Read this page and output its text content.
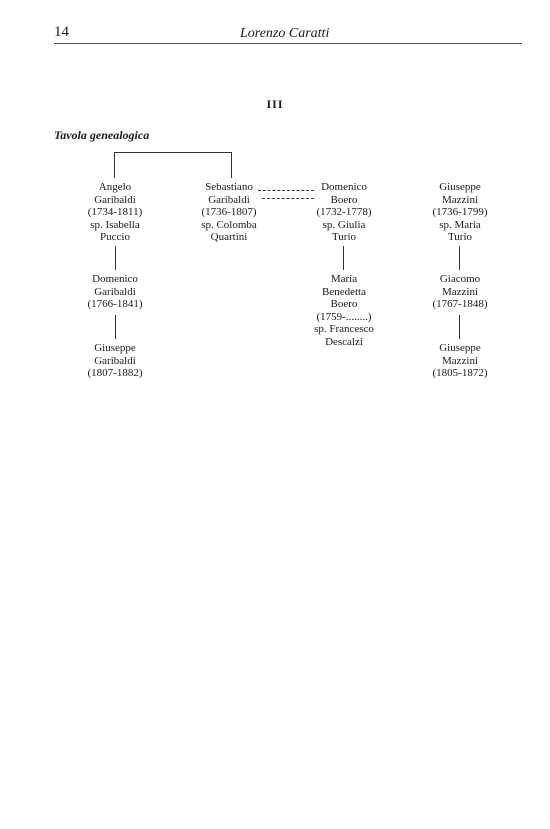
14	Lorenzo Caratti
III
Tavola genealogica
Angelo
Garibaldi
(1734-1811)
sp. Isabella
Puccio
Domenico
Garibaldi
(1766-1841)
Giuseppe
Garibaldi
(1807-1882)
Sebastiano
Garibaldi
(1736-1807)
sp. Colomba
Quartini
Domenico
Boero
(1732-1778)
sp. Giulia
Turio
Maria
Benedetta
Boero
(1759-........)
sp. Francesco
Descalzi
Giuseppe
Mazzini
(1736-1799)
sp. Maria
Turio
Giacomo
Mazzini
(1767-1848)
Giuseppe
Mazzini
(1805-1872)
